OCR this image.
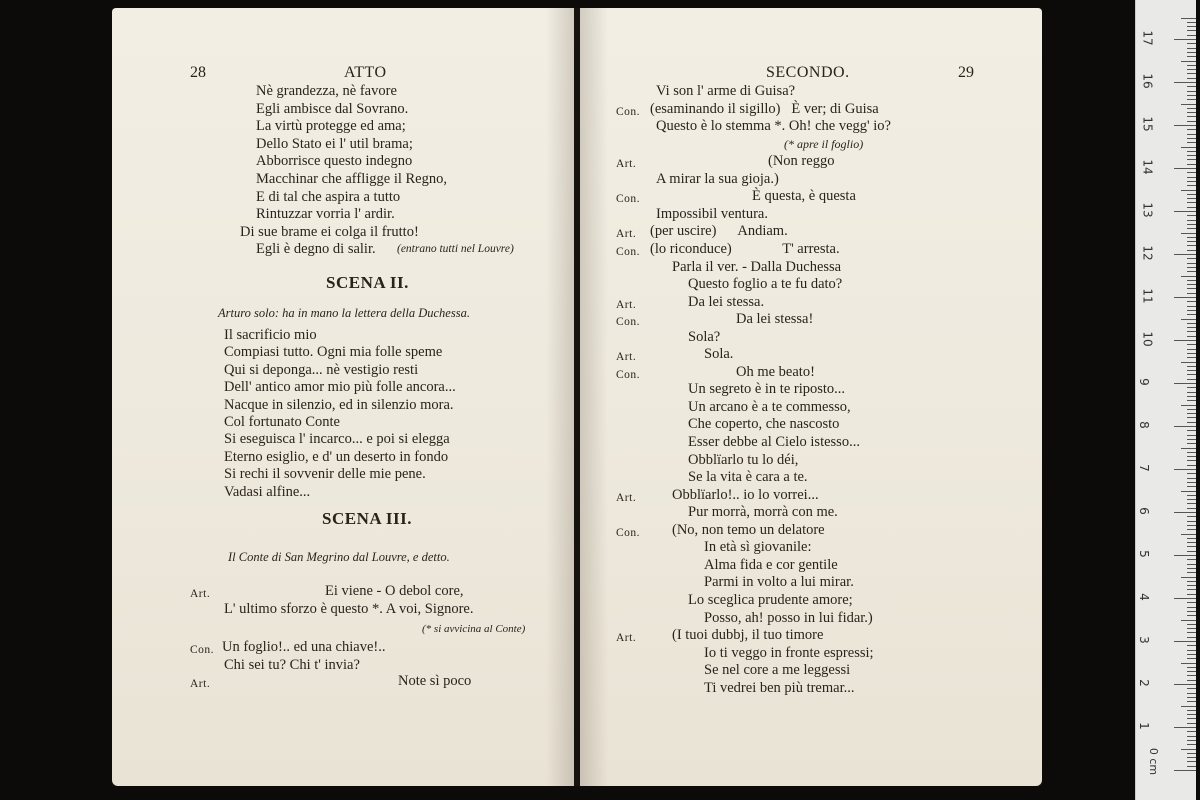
28	ATTO
Nè grandezza, nè favore
Egli ambisce dal Sovrano.
La virtù protegge ed ama;
Dello Stato ei l' util brama;
Abborrisce questo indegno
Macchinar che affligge il Regno,
E di tal che aspira a tutto
Rintuzzar vorria l' ardir.
Di sue brame ei colga il frutto!
Egli è degno di salir. (entrano tutti nel Louvre)
SCENA II.
Arturo solo: ha in mano la lettera della Duchessa.
Il sacrificio mio
Compiasi tutto. Ogni mia folle speme
Qui si deponga... nè vestigio resti
Dell' antico amor mio più folle ancora...
Nacque in silenzio, ed in silenzio mora.
Col fortunato Conte
Si eseguisca l' incarco... e poi si elegga
Eterno esiglio, e d' un deserto in fondo
Si rechi il sovvenir delle mie pene.
Vadasi alfine...
SCENA III.
Il Conte di San Megrino dal Louvre, e detto.
Art.	Ei viene - O debol core,
L' ultimo sforzo è questo *. A voi, Signore.
(* si avvicina al Conte)
Con. Un foglio!.. ed una chiave!..
Chi sei tu? Chi t' invia?
Art.	Note sì poco
SECONDO.	29
Vi son l' arme di Guisa?
Con. (esaminando il sigillo)   È ver; di Guisa
Questo è lo stemma *. Oh! che vegg' io?
(* apre il foglio)
Art.	(Non reggo
A mirar la sua gioja.)
Con.	È questa, è questa
Impossibil ventura.
Art. (per uscire)      Andiam.
Con. (lo riconduce)              T' arresta.
Parla il ver. - Dalla Duchessa
Questo foglio a te fu dato?
Art.	Da lei stessa.
Con.	Da lei stessa!
Sola?
Art.	Sola.
Con.	Oh me beato!
Un segreto è in te riposto...
Un arcano è a te commesso,
Che coperto, che nascosto
Esser debbe al Cielo istesso...
Obblïarlo tu lo déi,
Se la vita è cara a te.
Art. Obblïarlo!.. io lo vorrei...
Pur morrà, morrà con me.
Con. (No, non temo un delatore
In età sì giovanile:
Alma fida e cor gentile
Parmi in volto a lui mirar.
Lo sceglica prudente amore;
Posso, ah! posso in lui fidar.)
Art. (I tuoi dubbj, il tuo timore
Io ti veggo in fronte espressi;
Se nel core a me leggessi
Ti vedrei ben più tremar...
17
16
15
14
13
12
11
10
9
8
7
6
5
4
3
2
1
0 cm
